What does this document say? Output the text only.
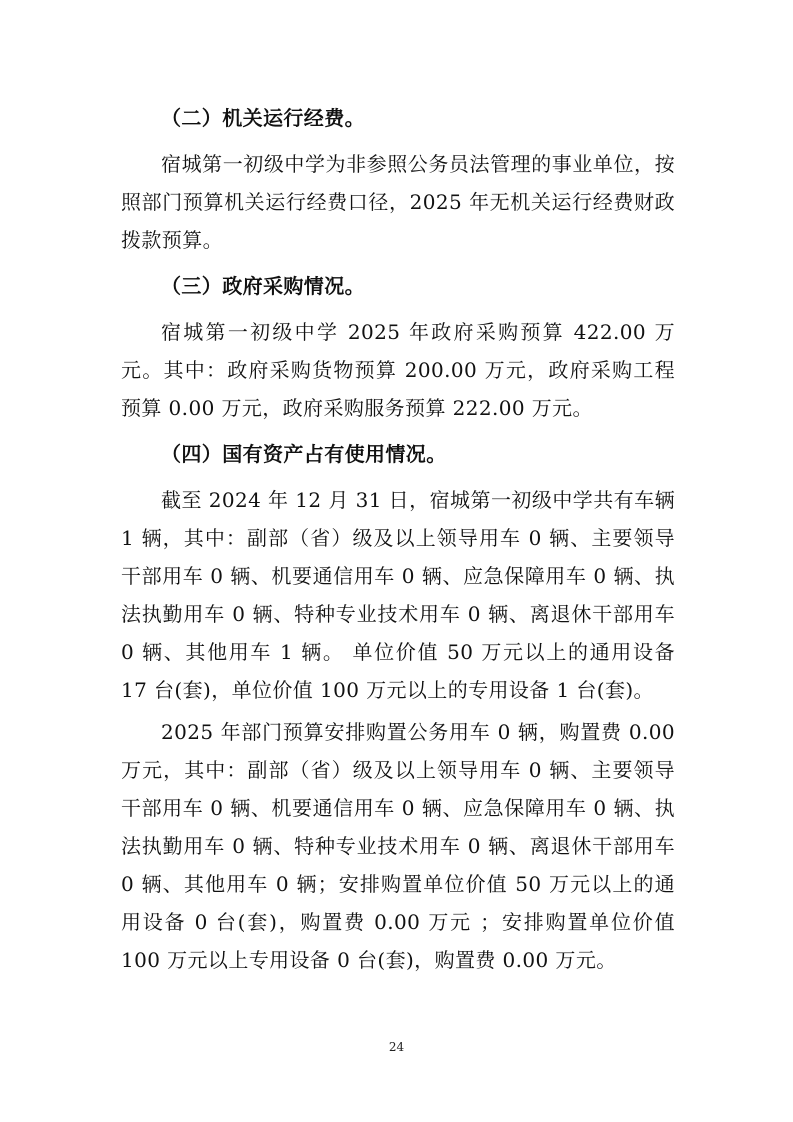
（二）机关运行经费。

宿城第一初级中学为非参照公务员法管理的事业单位，按照部门预算机关运行经费口径，2025 年无机关运行经费财政拨款预算。

（三）政府采购情况。

宿城第一初级中学 2025 年政府采购预算 422.00 万元。其中：政府采购货物预算 200.00 万元，政府采购工程预算 0.00 万元，政府采购服务预算 222.00 万元。

（四）国有资产占有使用情况。

截至 2024 年 12 月 31 日，宿城第一初级中学共有车辆 1 辆，其中：副部（省）级及以上领导用车 0 辆、主要领导干部用车 0 辆、机要通信用车 0 辆、应急保障用车 0 辆、执法执勤用车 0 辆、特种专业技术用车 0 辆、离退休干部用车 0 辆、其他用车 1 辆。 单位价值 50 万元以上的通用设备 17 台(套)，单位价值 100 万元以上的专用设备 1 台(套)。

2025 年部门预算安排购置公务用车 0 辆，购置费 0.00 万元，其中：副部（省）级及以上领导用车 0 辆、主要领导干部用车 0 辆、机要通信用车 0 辆、应急保障用车 0 辆、执法执勤用车 0 辆、特种专业技术用车 0 辆、离退休干部用车 0 辆、其他用车 0 辆；安排购置单位价值 50 万元以上的通用设备 0 台(套)，购置费 0.00 万元 ；安排购置单位价值 100 万元以上专用设备 0 台(套)，购置费 0.00 万元。

24
